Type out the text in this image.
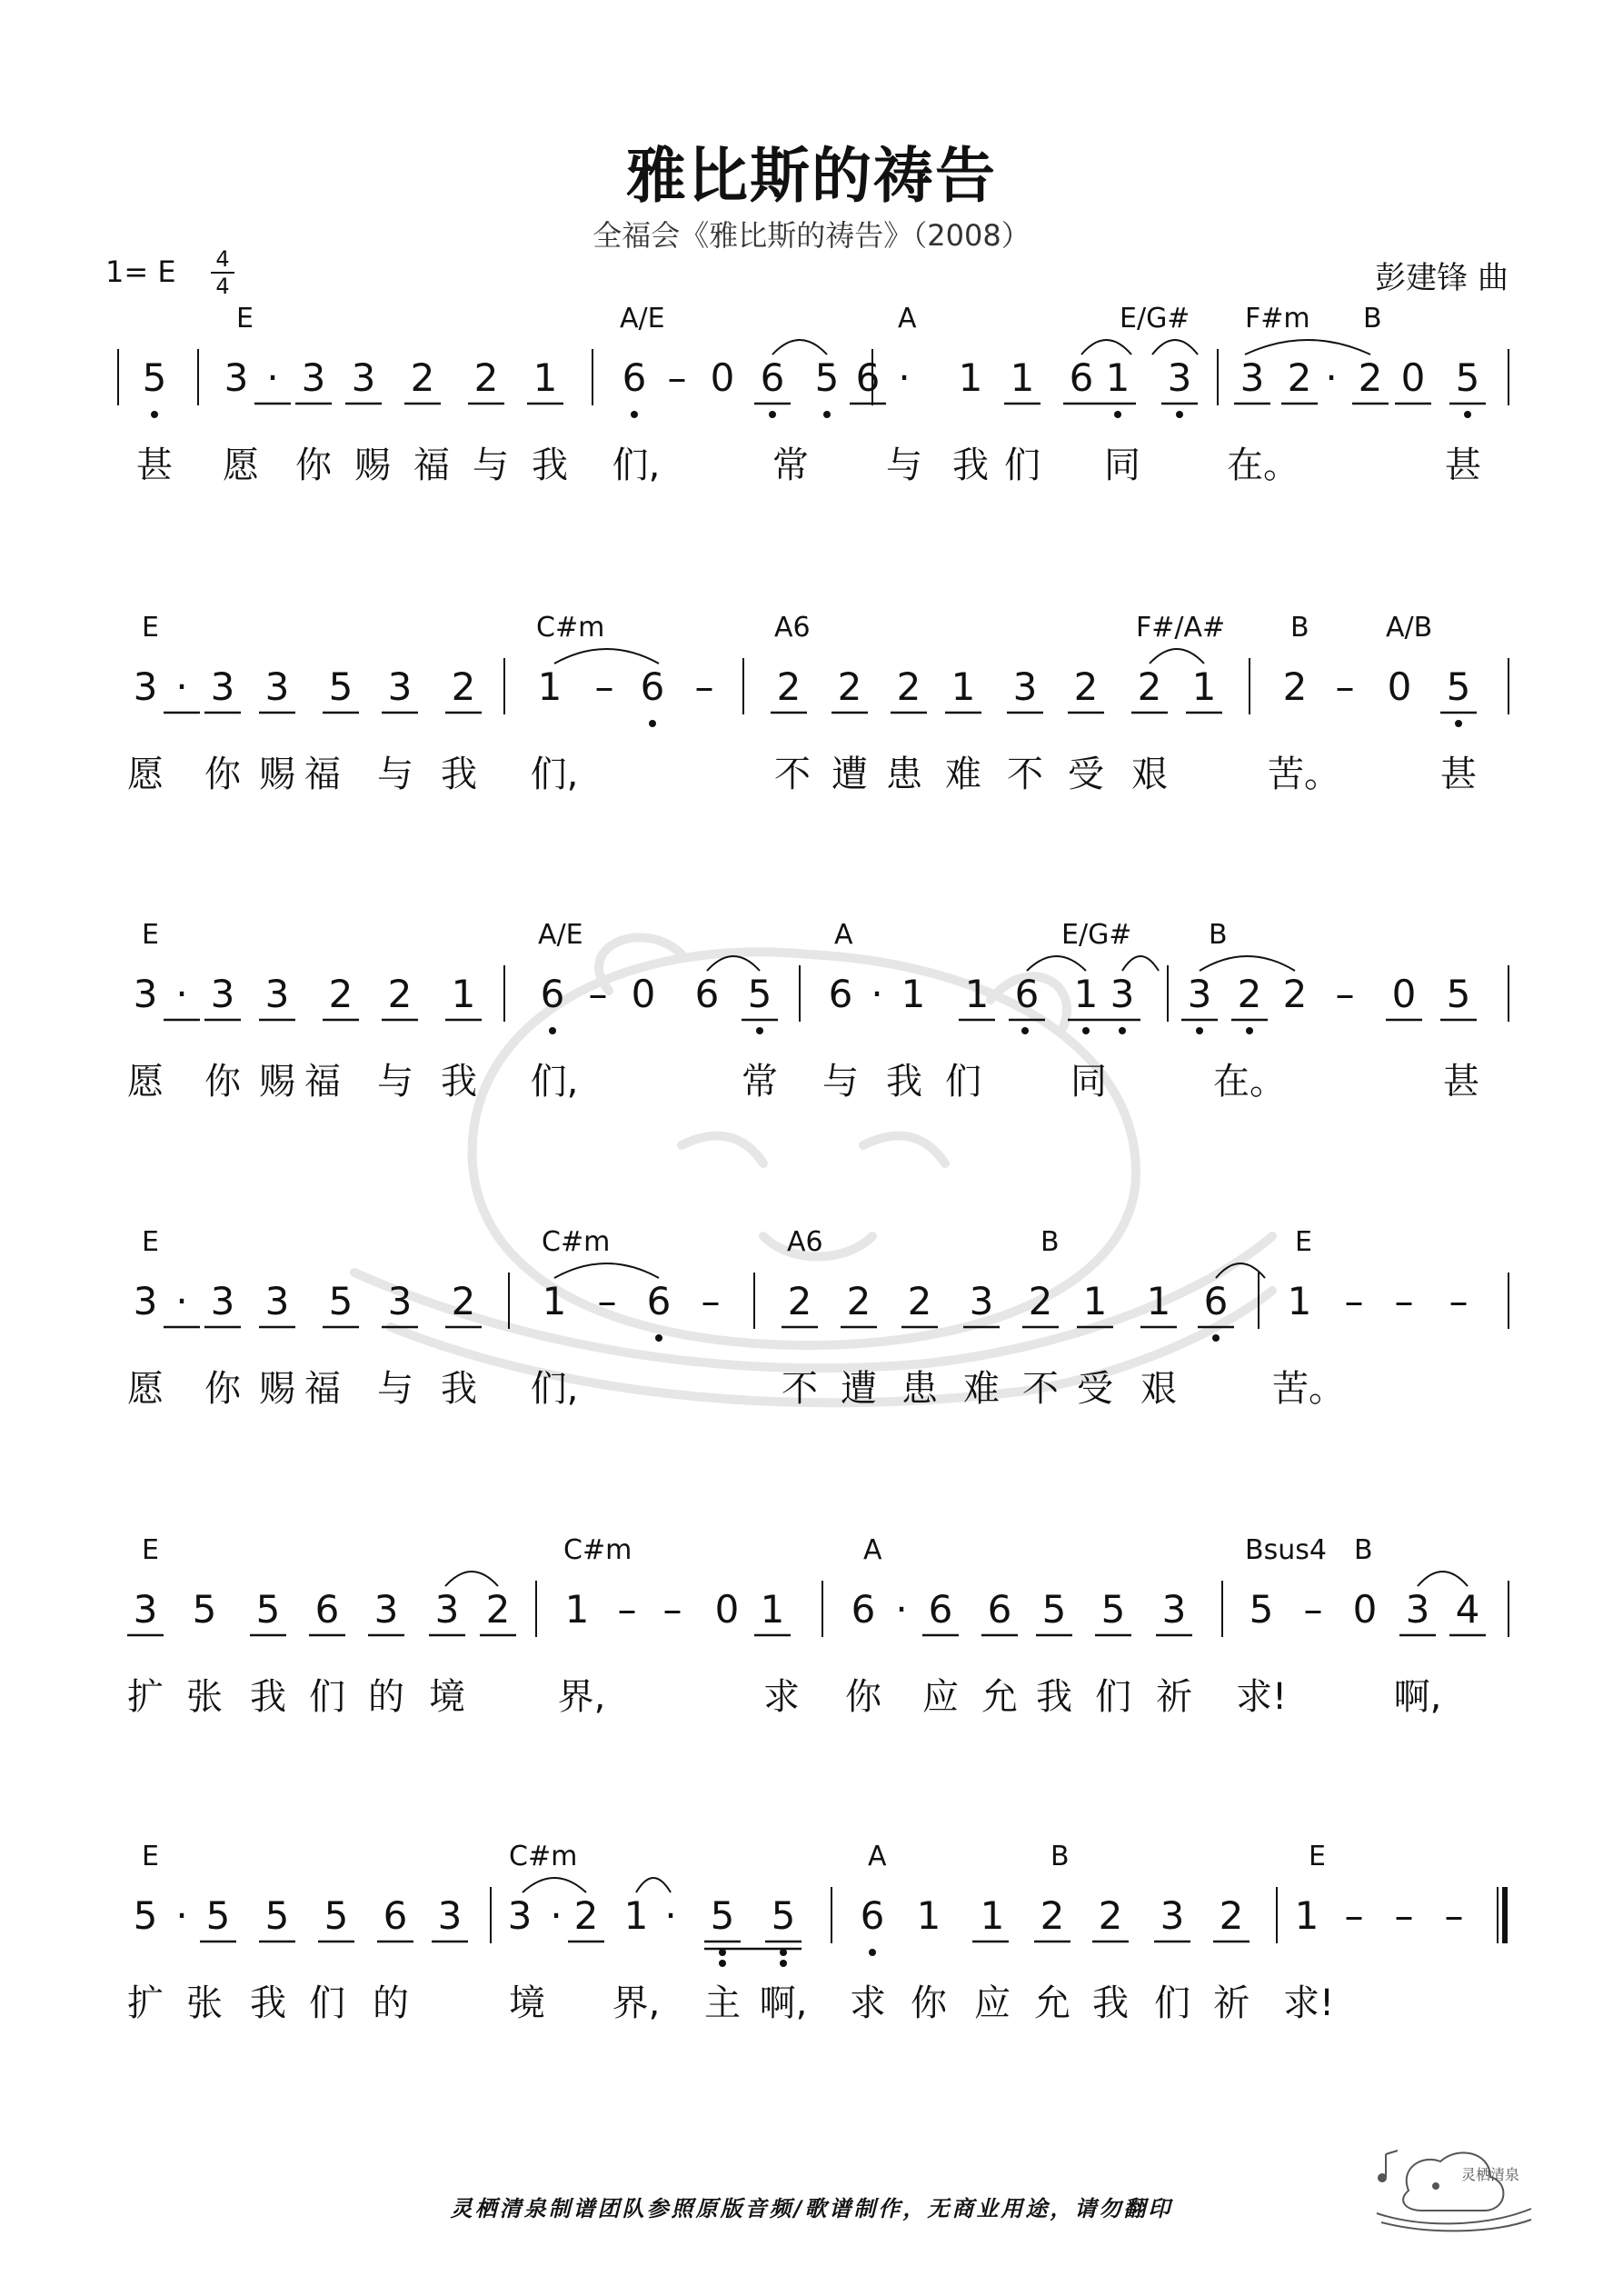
雅比斯的祷告
全福会《雅比斯的祷告》（2008）
1= E 4
4	彭建锋 曲
E	A/E	A	E/G# F#m B
5 3 · 3 3 2 2 1 6 – 0 6 5 6 · 1 1 6 1 3 3 2 · 2 0 5
甚 愿 你 赐 福 与 我 们,	常 与 我 们 同 在。	甚
E	C#m	A6	F#/A# B	A/B
3 · 3 3 5 3 2 1 – 6 – 2 2 2 1 3 2 2 1 2 – 0 5
愿 你 赐 福 与 我 们,	不 遭 患 难 不 受 艰	苦。	甚
E	A/E	A	E/G#	B
3 · 3 3 2 2 1 6 – 0 6 5 6 · 1 1 6 1 3 3 2 2 – 0 5
愿 你 赐 福 与 我 们,	常 与 我 们 同	在。	甚
E	C#m	A6	B	E
3 · 3 3 5 3 2 1 – 6 – 2 2 2 3 2 1 1 6 1 – – –
愿 你 赐 福 与 我 们,	不 遭 患 难 不 受 艰	苦。
E	C#m	A	Bsus4 B
3 5 5 6 3 3 2 1 – – 0 1 6 · 6 6 5 5 3 5 – 0 3 4
扩 张 我 们 的 境	界,	求 你 应 允 我 们 祈 求!	啊,
E	C#m	A	B	E
5 · 5 5 5 6 3 3 · 2 1 · 5 5 6 1 1 2 2 3 2 1 – – –
扩 张 我 们 的	境 界, 主 啊, 求 你 应 允 我 们 祈 求!
灵栖清泉制谱团队参照原版音频/歌谱制作，无商业用途，请勿翻印
灵栖清泉
